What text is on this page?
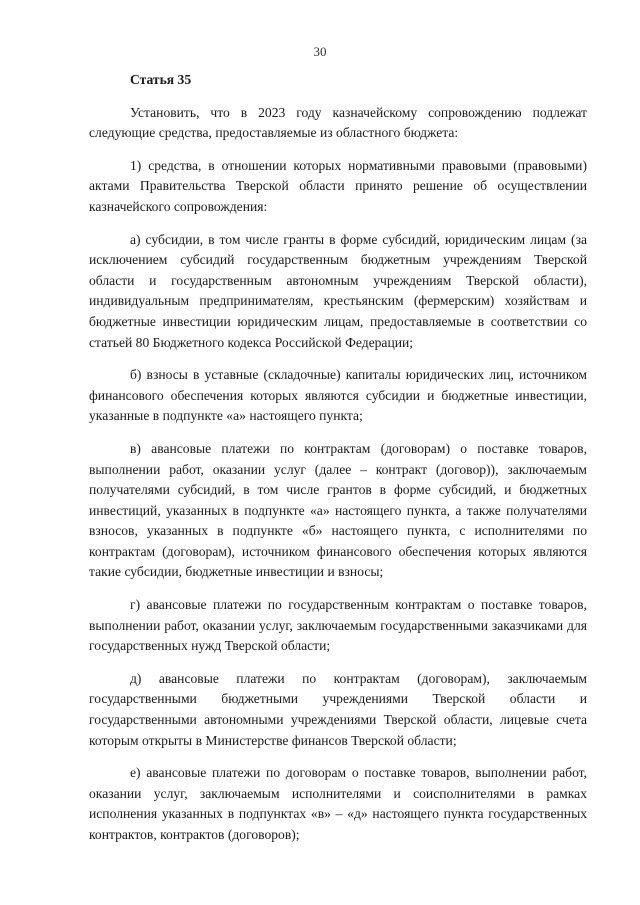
30
Статья 35

Установить, что в 2023 году казначейскому сопровождению подлежат следующие средства, предоставляемые из областного бюджета:

1) средства, в отношении которых нормативными правовыми (правовыми) актами Правительства Тверской области принято решение об осуществлении казначейского сопровождения:

а) субсидии, в том числе гранты в форме субсидий, юридическим лицам (за исключением субсидий государственным бюджетным учреждениям Тверской области и государственным автономным учреждениям Тверской области), индивидуальным предпринимателям, крестьянским (фермерским) хозяйствам и бюджетные инвестиции юридическим лицам, предоставляемые в соответствии со статьей 80 Бюджетного кодекса Российской Федерации;

б) взносы в уставные (складочные) капиталы юридических лиц, источником финансового обеспечения которых являются субсидии и бюджетные инвестиции, указанные в подпункте «а» настоящего пункта;

в) авансовые платежи по контрактам (договорам) о поставке товаров, выполнении работ, оказании услуг (далее – контракт (договор)), заключаемым получателями субсидий, в том числе грантов в форме субсидий, и бюджетных инвестиций, указанных в подпункте «а» настоящего пункта, а также получателями взносов, указанных в подпункте «б» настоящего пункта, с исполнителями по контрактам (договорам), источником финансового обеспечения которых являются такие субсидии, бюджетные инвестиции и взносы;

г) авансовые платежи по государственным контрактам о поставке товаров, выполнении работ, оказании услуг, заключаемым государственными заказчиками для государственных нужд Тверской области;

д) авансовые платежи по контрактам (договорам), заключаемым государственными бюджетными учреждениями Тверской области и государственными автономными учреждениями Тверской области, лицевые счета которым открыты в Министерстве финансов Тверской области;

е) авансовые платежи по договорам о поставке товаров, выполнении работ, оказании услуг, заключаемым исполнителями и соисполнителями в рамках исполнения указанных в подпунктах «в» – «д» настоящего пункта государственных контрактов, контрактов (договоров);
